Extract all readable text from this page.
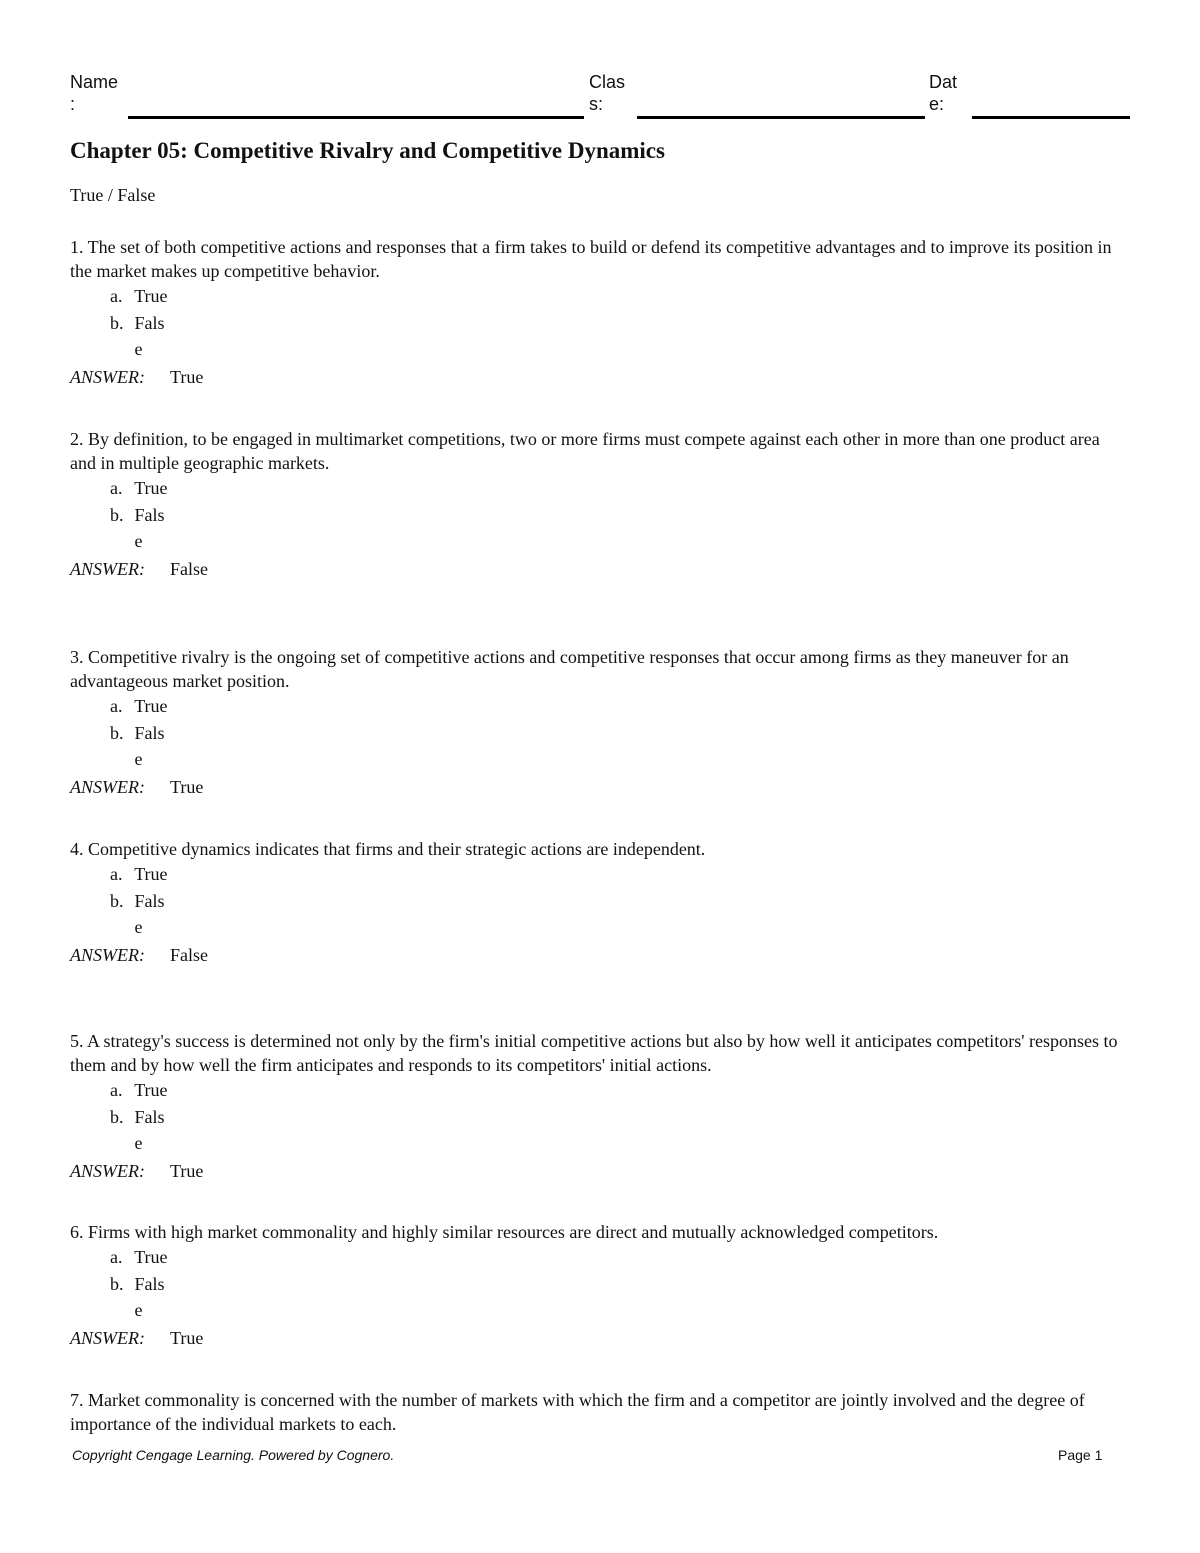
Name
:
Clas
s:
Dat
e:
Chapter 05: Competitive Rivalry and Competitive Dynamics
True / False
1. The set of both competitive actions and responses that a firm takes to build or defend its competitive advantages and to improve its position in the market makes up competitive behavior.
a. True
b. False
ANSWER: True
2. By definition, to be engaged in multimarket competitions, two or more firms must compete against each other in more than one product area and in multiple geographic markets.
a. True
b. False
ANSWER: False
3. Competitive rivalry is the ongoing set of competitive actions and competitive responses that occur among firms as they maneuver for an advantageous market position.
a. True
b. False
ANSWER: True
4. Competitive dynamics indicates that firms and their strategic actions are independent.
a. True
b. False
ANSWER: False
5. A strategy's success is determined not only by the firm's initial competitive actions but also by how well it anticipates competitors' responses to them and by how well the firm anticipates and responds to its competitors' initial actions.
a. True
b. False
ANSWER: True
6. Firms with high market commonality and highly similar resources are direct and mutually acknowledged competitors.
a. True
b. False
ANSWER: True
7. Market commonality is concerned with the number of markets with which the firm and a competitor are jointly involved and the degree of importance of the individual markets to each.
Copyright Cengage Learning. Powered by Cognero.	Page 1
